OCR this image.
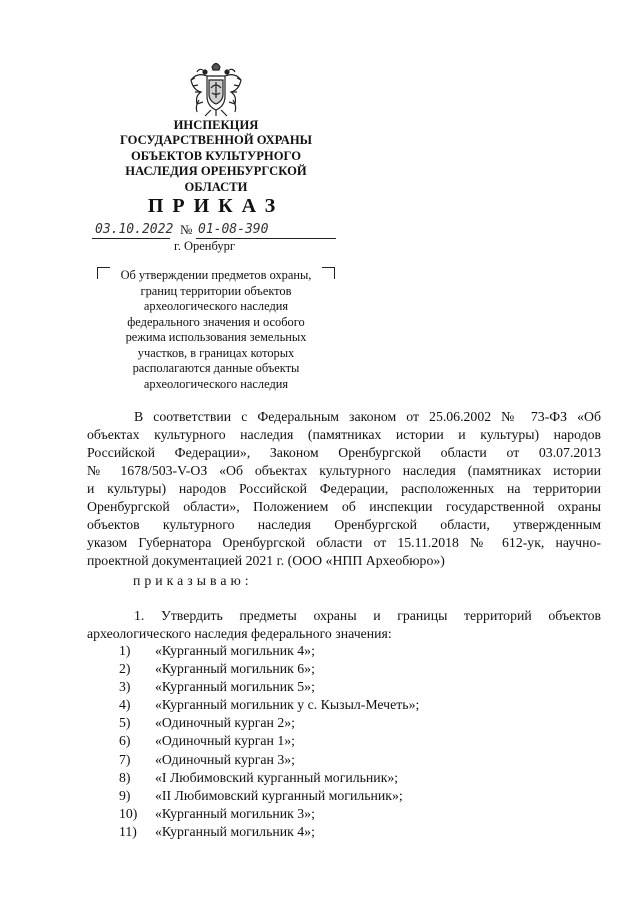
ИНСПЕКЦИЯ
ГОСУДАРСТВЕННОЙ ОХРАНЫ
ОБЪЕКТОВ КУЛЬТУРНОГО
НАСЛЕДИЯ ОРЕНБУРГСКОЙ
ОБЛАСТИ
ПРИКАЗ
03.10.2022 № 01-08-390
г. Оренбург
Об утверждении предметов охраны,
границ территории объектов
археологического наследия
федерального значения и особого
режима использования земельных
участков, в границах которых
располагаются данные объекты
археологического наследия
В соответствии с Федеральным законом от 25.06.2002 № 73-ФЗ «Об
объектах культурного наследия (памятниках истории и культуры) народов
Российской Федерации», Законом Оренбургской области от 03.07.2013
№ 1678/503-V-ОЗ «Об объектах культурного наследия (памятниках истории
и культуры) народов Российской Федерации, расположенных на территории
Оренбургской области», Положением об инспекции государственной охраны
объектов культурного наследия Оренбургской области, утвержденным
указом Губернатора Оренбургской области от 15.11.2018 № 612-ук, научно-
проектной документацией 2021 г. (ООО «НПП Археобюро»)
приказываю:
1. Утвердить предметы охраны и границы территорий объектов
археологического наследия федерального значения:
1)	«Курганный могильник 4»;
2)	«Курганный могильник 6»;
3)	«Курганный могильник 5»;
4)	«Курганный могильник у с. Кызыл-Мечеть»;
5)	«Одиночный курган 2»;
6)	«Одиночный курган 1»;
7)	«Одиночный курган 3»;
8)	«I Любимовский курганный могильник»;
9)	«II Любимовский курганный могильник»;
10)	«Курганный могильник 3»;
11)	«Курганный могильник 4»;
